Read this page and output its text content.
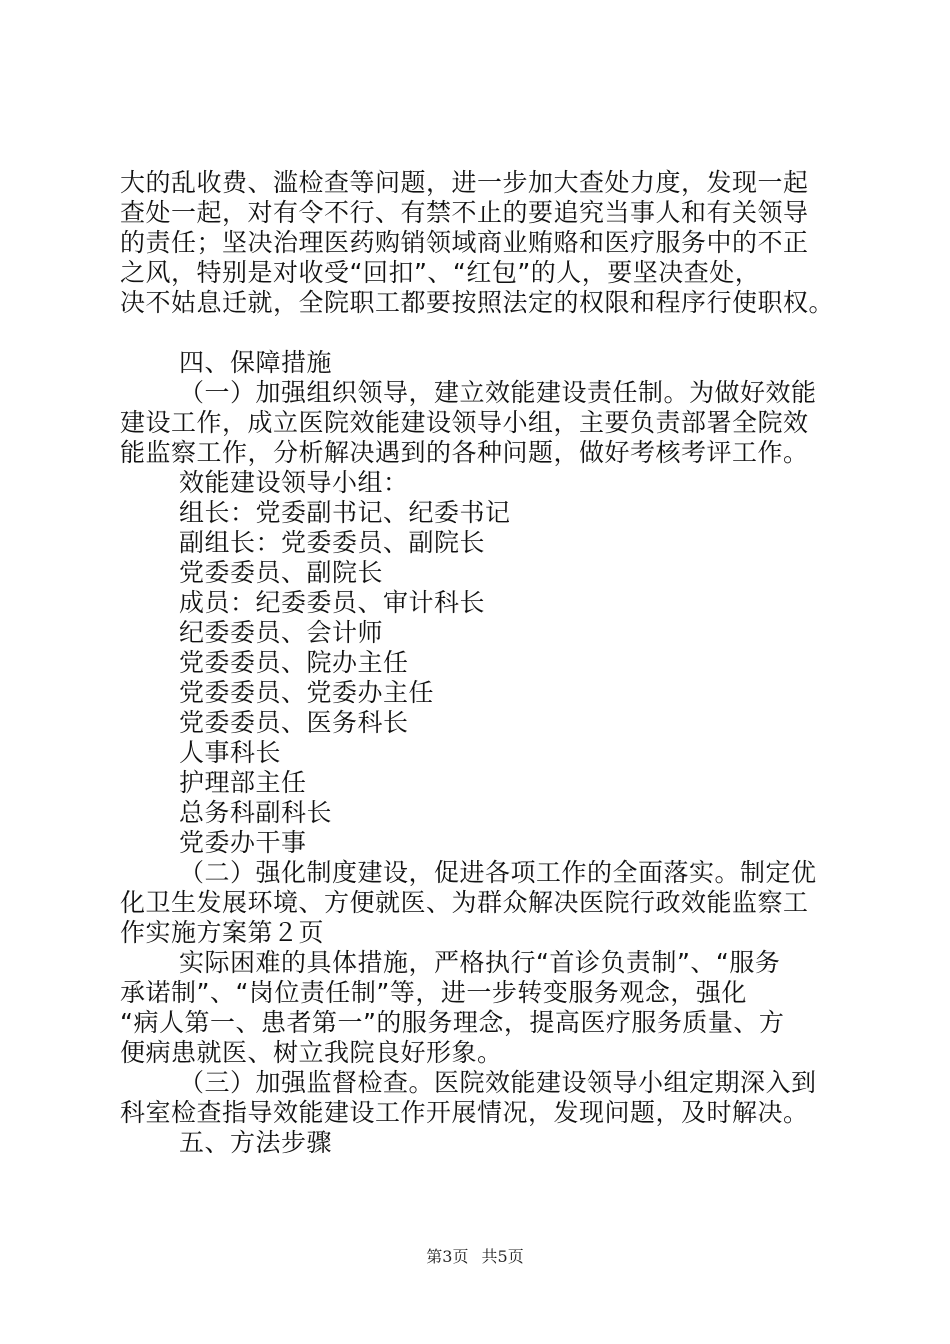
大的乱收费、滥检查等问题，进一步加大查处力度，发现一起
查处一起，对有令不行、有禁不止的要追究当事人和有关领导
的责任；坚决治理医药购销领域商业贿赂和医疗服务中的不正
之风，特别是对收受“回扣”、“红包”的人，要坚决查处，
决不姑息迁就，全院职工都要按照法定的权限和程序行使职权。
四、保障措施
（一）加强组织领导，建立效能建设责任制。为做好效能
建设工作，成立医院效能建设领导小组，主要负责部署全院效
能监察工作，分析解决遇到的各种问题，做好考核考评工作。
效能建设领导小组：
组长：党委副书记、纪委书记
副组长：党委委员、副院长
党委委员、副院长
成员：纪委委员、审计科长
纪委委员、会计师
党委委员、院办主任
党委委员、党委办主任
党委委员、医务科长
人事科长
护理部主任
总务科副科长
党委办干事
（二）强化制度建设，促进各项工作的全面落实。制定优
化卫生发展环境、方便就医、为群众解决医院行政效能监察工
作实施方案第２页
实际困难的具体措施，严格执行“首诊负责制”、“服务
承诺制”、“岗位责任制”等，进一步转变服务观念，强化
“病人第一、患者第一”的服务理念，提高医疗服务质量、方
便病患就医、树立我院良好形象。
（三）加强监督检查。医院效能建设领导小组定期深入到
科室检查指导效能建设工作开展情况，发现问题，及时解决。
五、方法步骤
第3页 共5页
